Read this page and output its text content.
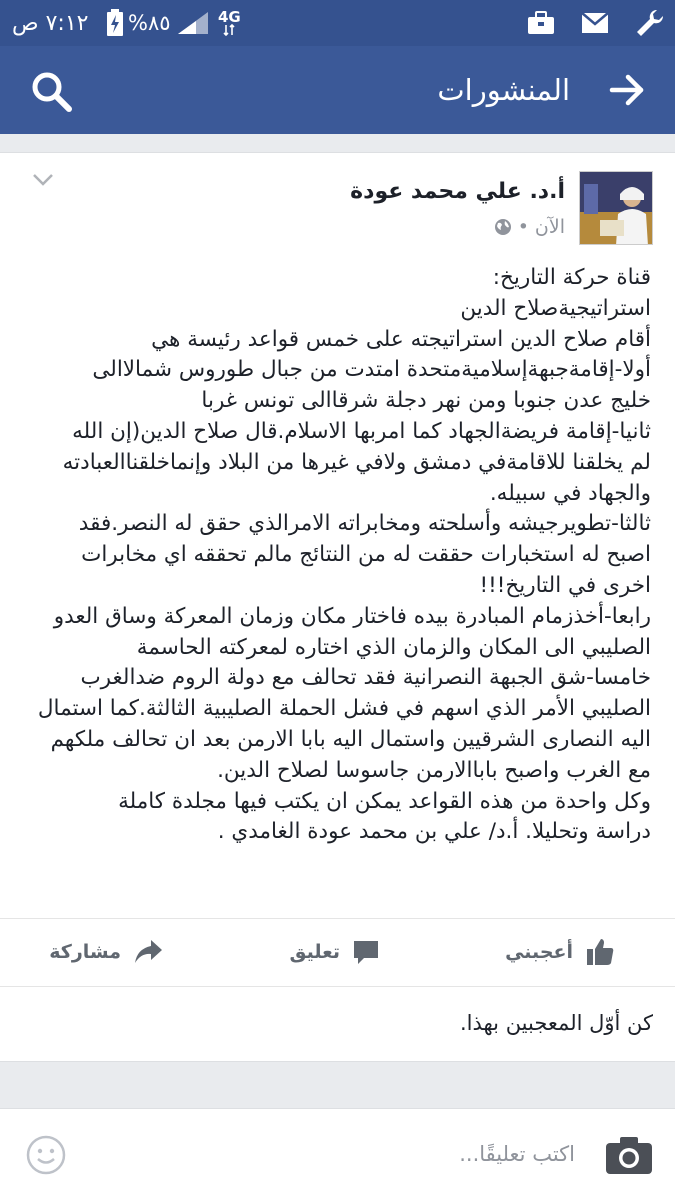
٧:١٢ ص %٨٥	4G
المنشورات
أ.د. علي محمد عودة
الآن
•

قناة حركة التاريخ:

استراتيجيةصلاح الدين

أقام صلاح الدين استراتيجته على خمس قواعد رئيسة هي

أولا-إقامةجبهةإسلاميةمتحدة امتدت من جبال طوروس شمالاالى

خليج عدن جنوبا ومن نهر دجلة شرقاالى تونس غربا

ثانيا-إقامة فريضةالجهاد كما امربها الاسلام.قال صلاح الدين(إن الله

لم يخلقنا للاقامةفي دمشق ولافي غيرها من البلاد وإنماخلقناالعبادته

والجهاد في سبيله.

ثالثا-تطويرجيشه وأسلحته ومخابراته الامرالذي حقق له النصر.فقد

اصبح له استخبارات حققت له من النتائج مالم تحققه اي مخابرات

اخرى في التاريخ!!!

رابعا-أخذزمام المبادرة بيده فاختار مكان وزمان المعركة وساق العدو

الصليبي الى المكان والزمان الذي اختاره لمعركته الحاسمة

خامسا-شق الجبهة النصرانية فقد تحالف مع دولة الروم ضدالغرب

الصليبي الأمر الذي اسهم في فشل الحملة الصليبية الثالثة.كما استمال

اليه النصارى الشرقيين واستمال اليه بابا الارمن بعد ان تحالف ملكهم

مع الغرب واصبح باباالارمن جاسوسا لصلاح الدين.

وكل واحدة من هذه القواعد يمكن ان يكتب فيها مجلدة كاملة

دراسة وتحليلا. أ.د/ علي بن محمد عودة الغامدي .

أعجبني
تعليق
مشاركة
كن أوّل المعجبين بهذا.
اكتب تعليقًا...
